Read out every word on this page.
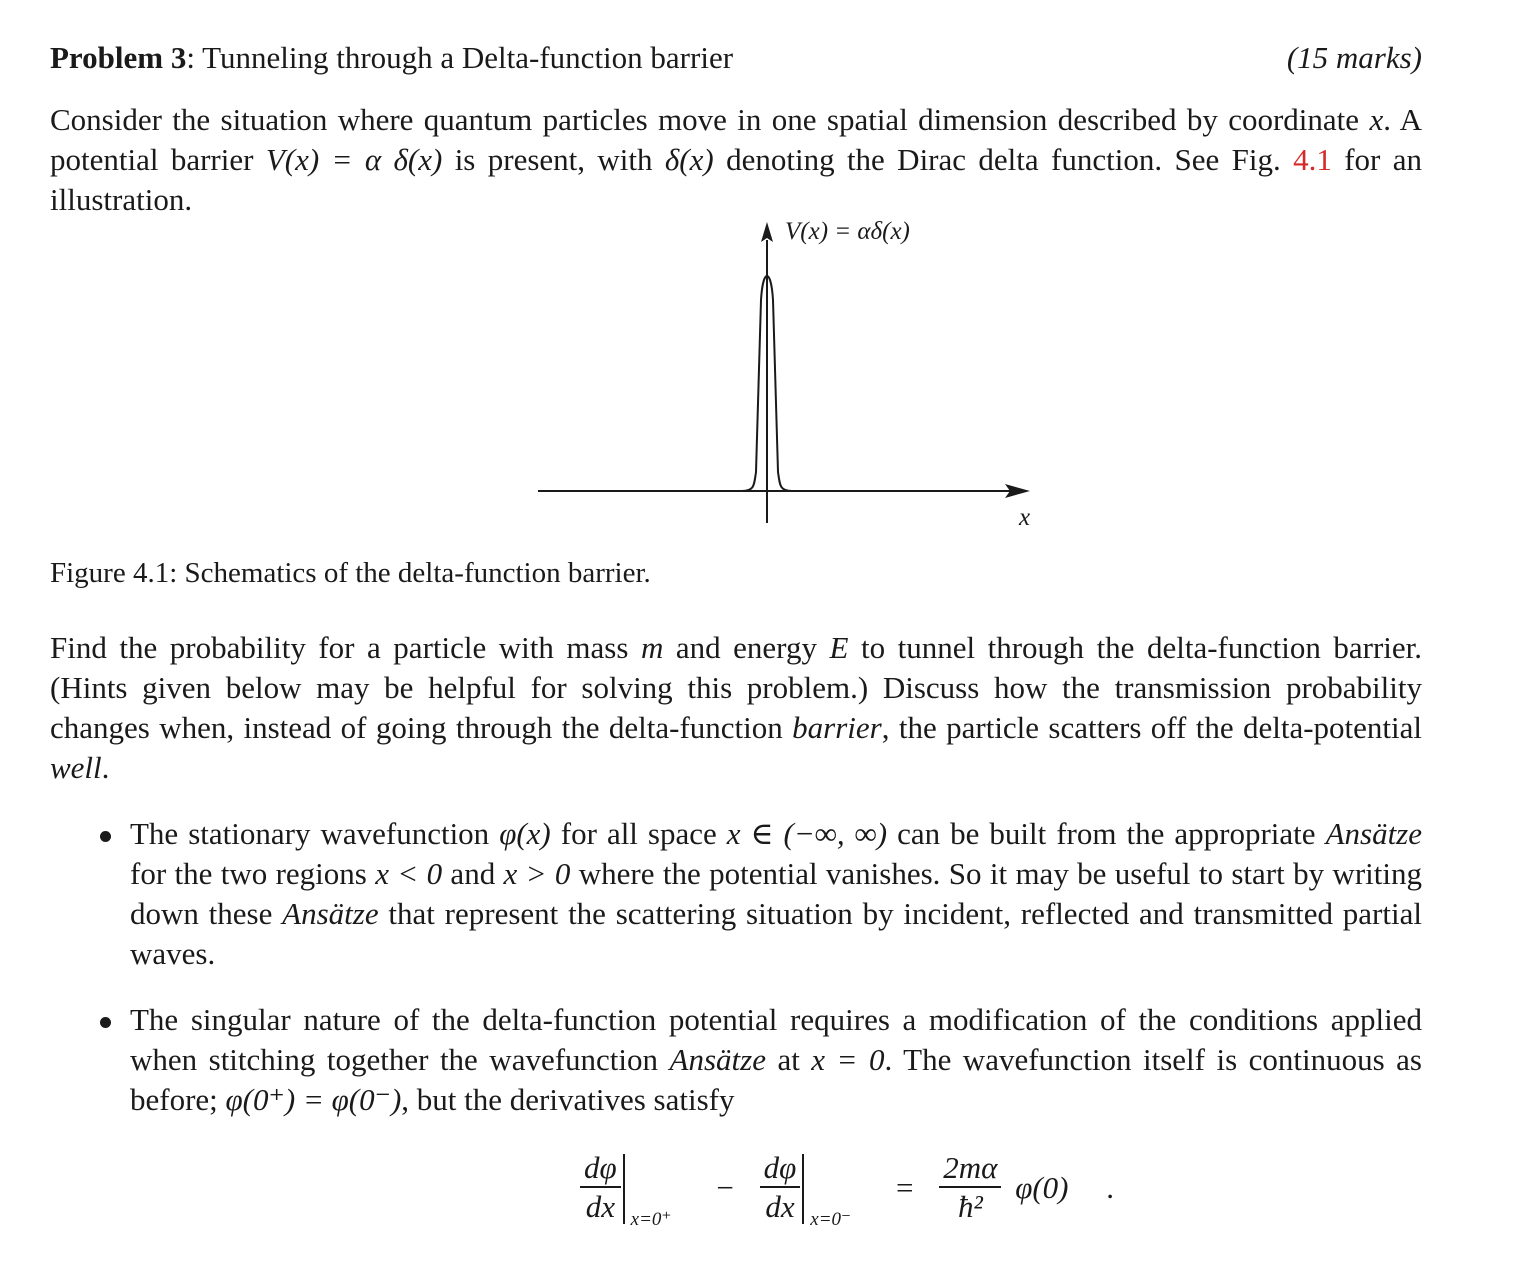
Problem 3: Tunneling through a Delta-function barrier	(15 marks)

Consider the situation where quantum particles move in one spatial dimension described by coordinate x. A potential barrier V(x) = α δ(x) is present, with δ(x) denoting the Dirac delta function. See Fig. 4.1 for an illustration.

V(x) = αδ(x)
x
Figure 4.1: Schematics of the delta-function barrier.

Find the probability for a particle with mass m and energy E to tunnel through the delta-function barrier. (Hints given below may be helpful for solving this problem.) Discuss how the transmission probability changes when, instead of going through the delta-function barrier, the particle scatters off the delta-potential well.

The stationary wavefunction φ(x) for all space x ∈ (−∞, ∞) can be built from the appropriate Ansätze for the two regions x < 0 and x > 0 where the potential vanishes. So it may be useful to start by writing down these Ansätze that represent the scattering situation by incident, reflected and transmitted partial waves.

The singular nature of the delta-function potential requires a modification of the conditions applied when stitching together the wavefunction Ansätze at x = 0. The wavefunction itself is continuous as before; φ(0⁺) = φ(0⁻), but the derivatives satisfy

$\frac{d\varphi}{dx} x=0^+$
− $\frac{d\varphi}{dx} x=0^-$
= $\frac{2m\alpha}{\text{ħ²}} \varphi(0)$ .
